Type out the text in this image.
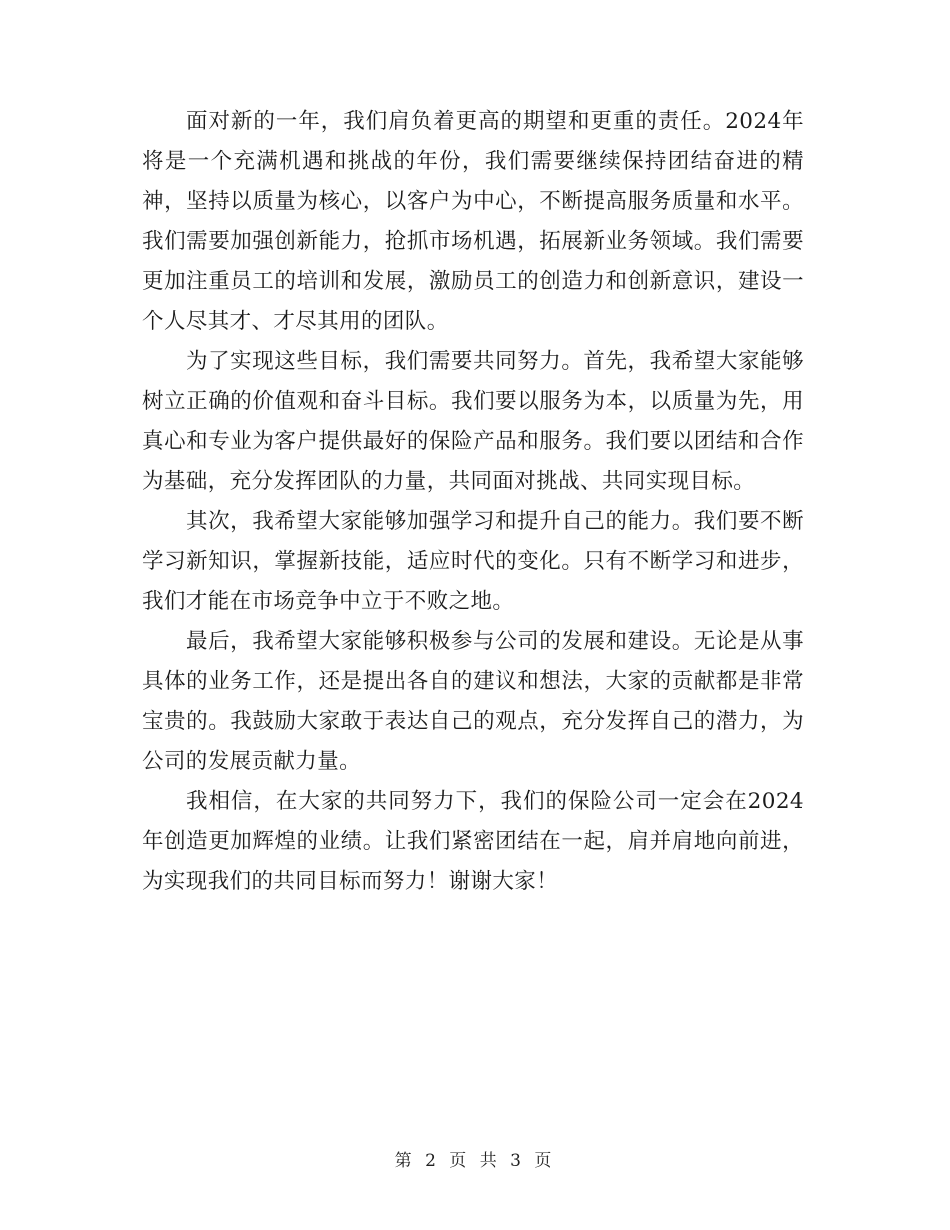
面对新的一年，我们肩负着更高的期望和更重的责任。2024年将是一个充满机遇和挑战的年份，我们需要继续保持团结奋进的精神，坚持以质量为核心，以客户为中心，不断提高服务质量和水平。我们需要加强创新能力，抢抓市场机遇，拓展新业务领域。我们需要更加注重员工的培训和发展，激励员工的创造力和创新意识，建设一个人尽其才、才尽其用的团队。

为了实现这些目标，我们需要共同努力。首先，我希望大家能够树立正确的价值观和奋斗目标。我们要以服务为本，以质量为先，用真心和专业为客户提供最好的保险产品和服务。我们要以团结和合作为基础，充分发挥团队的力量，共同面对挑战、共同实现目标。

其次，我希望大家能够加强学习和提升自己的能力。我们要不断学习新知识，掌握新技能，适应时代的变化。只有不断学习和进步，我们才能在市场竞争中立于不败之地。

最后，我希望大家能够积极参与公司的发展和建设。无论是从事具体的业务工作，还是提出各自的建议和想法，大家的贡献都是非常宝贵的。我鼓励大家敢于表达自己的观点，充分发挥自己的潜力，为公司的发展贡献力量。

我相信，在大家的共同努力下，我们的保险公司一定会在2024年创造更加辉煌的业绩。让我们紧密团结在一起，肩并肩地向前进，为实现我们的共同目标而努力！谢谢大家！

第 2 页 共 3 页
